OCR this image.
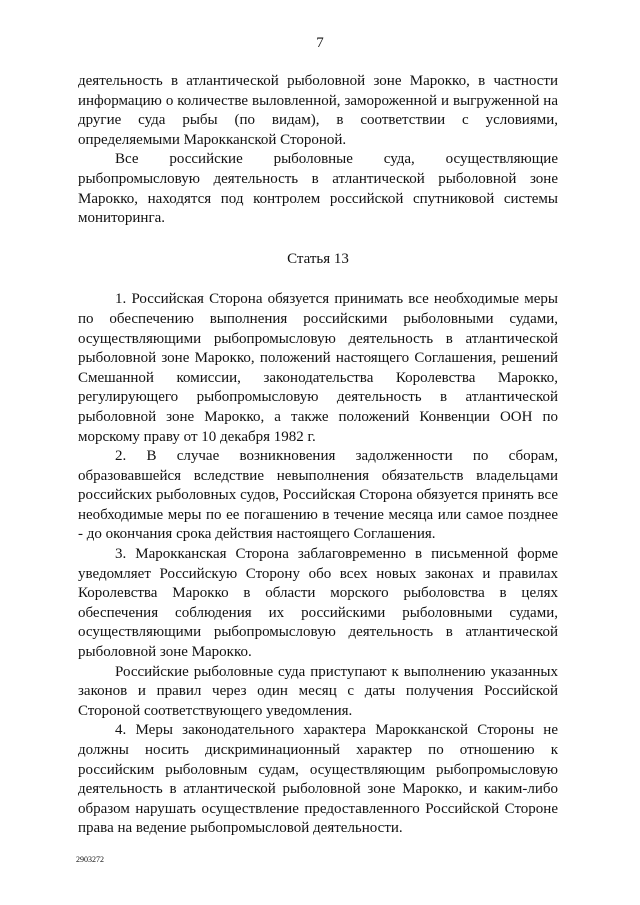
7

деятельность в атлантической рыболовной зоне Марокко, в частности информацию о количестве выловленной, замороженной и выгруженной на другие суда рыбы (по видам), в соответствии с условиями, определяемыми Марокканской Стороной.

Все российские рыболовные суда, осуществляющие рыбопромысловую деятельность в атлантической рыболовной зоне Марокко, находятся под контролем российской спутниковой системы мониторинга.

Статья 13

1. Российская Сторона обязуется принимать все необходимые меры по обеспечению выполнения российскими рыболовными судами, осуществляющими рыбопромысловую деятельность в атлантической рыболовной зоне Марокко, положений настоящего Соглашения, решений Смешанной комиссии, законодательства Королевства Марокко, регулирующего рыбопромысловую деятельность в атлантической рыболовной зоне Марокко, а также положений Конвенции ООН по морскому праву от 10 декабря 1982 г.

2. В случае возникновения задолженности по сборам, образовавшейся вследствие невыполнения обязательств владельцами российских рыболовных судов, Российская Сторона обязуется принять все необходимые меры по ее погашению в течение месяца или самое позднее - до окончания срока действия настоящего Соглашения.

3. Марокканская Сторона заблаговременно в письменной форме уведомляет Российскую Сторону обо всех новых законах и правилах Королевства Марокко в области морского рыболовства в целях обеспечения соблюдения их российскими рыболовными судами, осуществляющими рыбопромысловую деятельность в атлантической рыболовной зоне Марокко.

Российские рыболовные суда приступают к выполнению указанных законов и правил через один месяц с даты получения Российской Стороной соответствующего уведомления.

4. Меры законодательного характера Марокканской Стороны не должны носить дискриминационный характер по отношению к российским рыболовным судам, осуществляющим рыбопромысловую деятельность в атлантической рыболовной зоне Марокко, и каким-либо образом нарушать осуществление предоставленного Российской Стороне права на ведение рыбопромысловой деятельности.

2903272
